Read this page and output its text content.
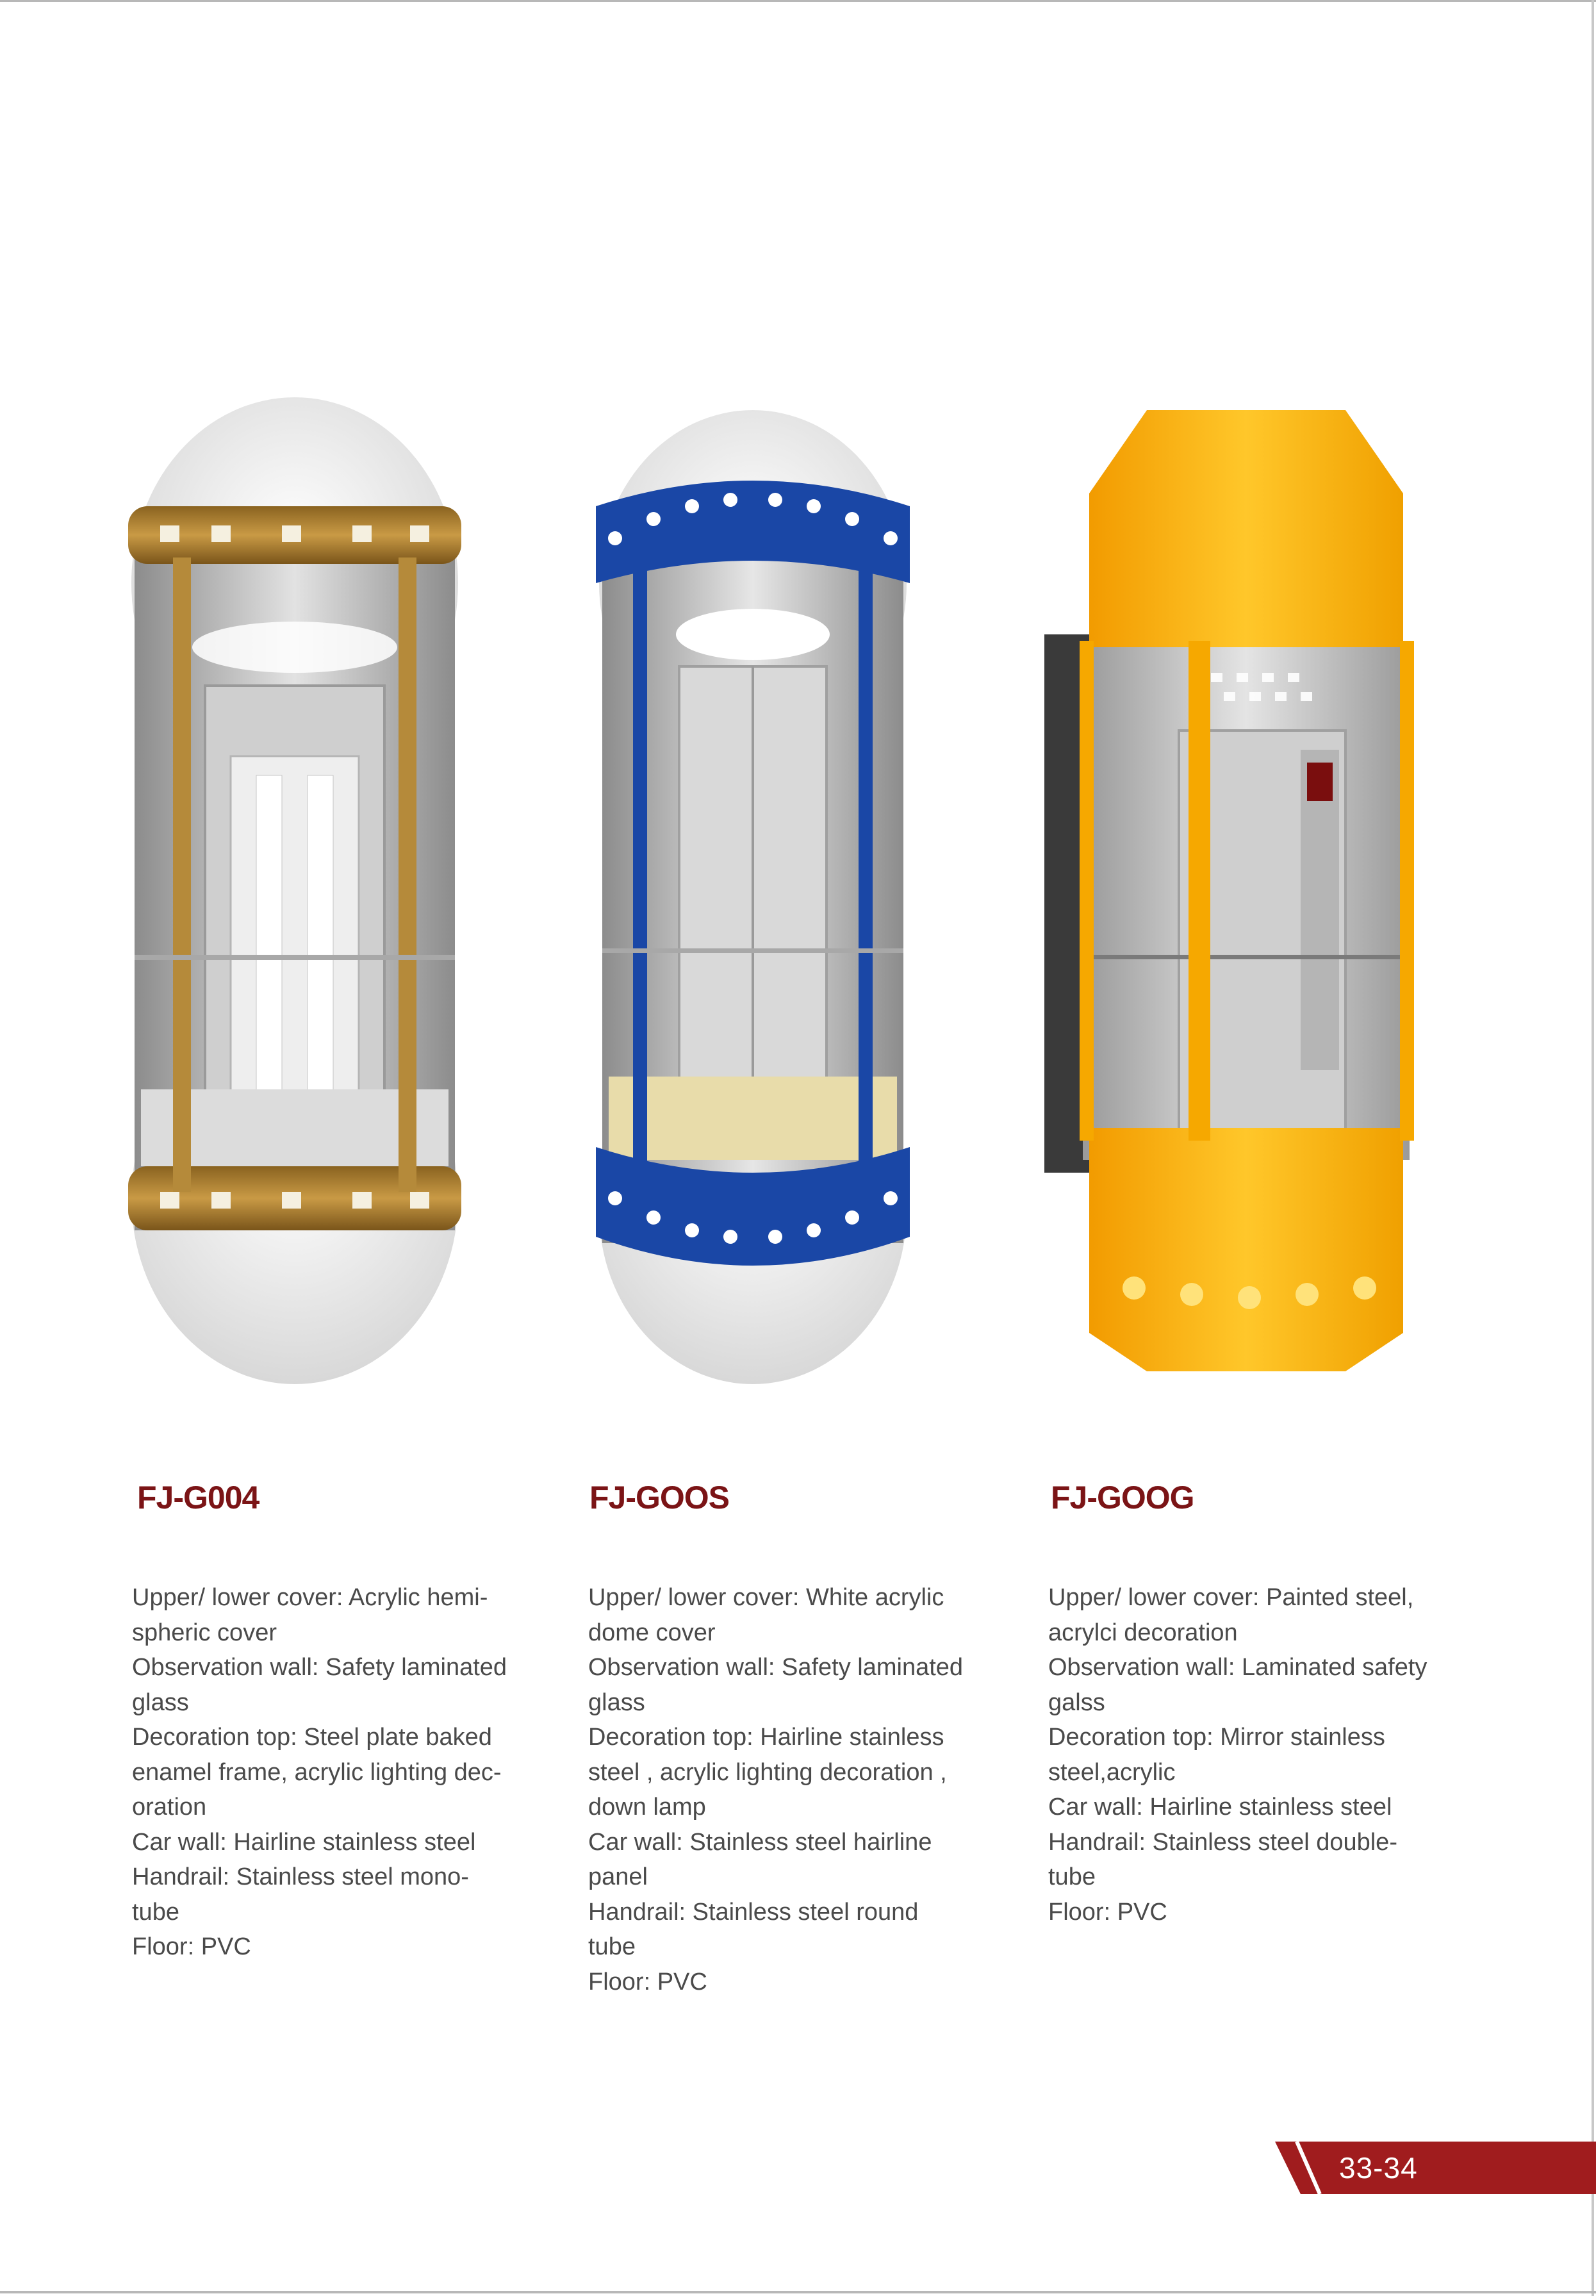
FJ-G004	FJ-GOOS	FJ-GOOG
Upper/ lower cover: Acrylic hemi-
spheric cover
Observation wall: Safety laminated
glass
Decoration top: Steel plate baked
enamel frame, acrylic lighting dec-
oration
Car wall: Hairline stainless steel
Handrail: Stainless steel mono-
tube
Floor: PVC
Upper/ lower cover: White acrylic
dome cover
Observation wall: Safety laminated
glass
Decoration top: Hairline stainless
steel , acrylic lighting decoration ,
down lamp
Car wall: Stainless steel hairline
panel
Handrail: Stainless steel round
tube
Floor: PVC
Upper/ lower cover: Painted steel,
acrylci decoration
Observation wall: Laminated safety
galss
Decoration top: Mirror stainless
steel,acrylic
Car wall: Hairline stainless steel
Handrail: Stainless steel double-
tube
Floor: PVC
33-34
